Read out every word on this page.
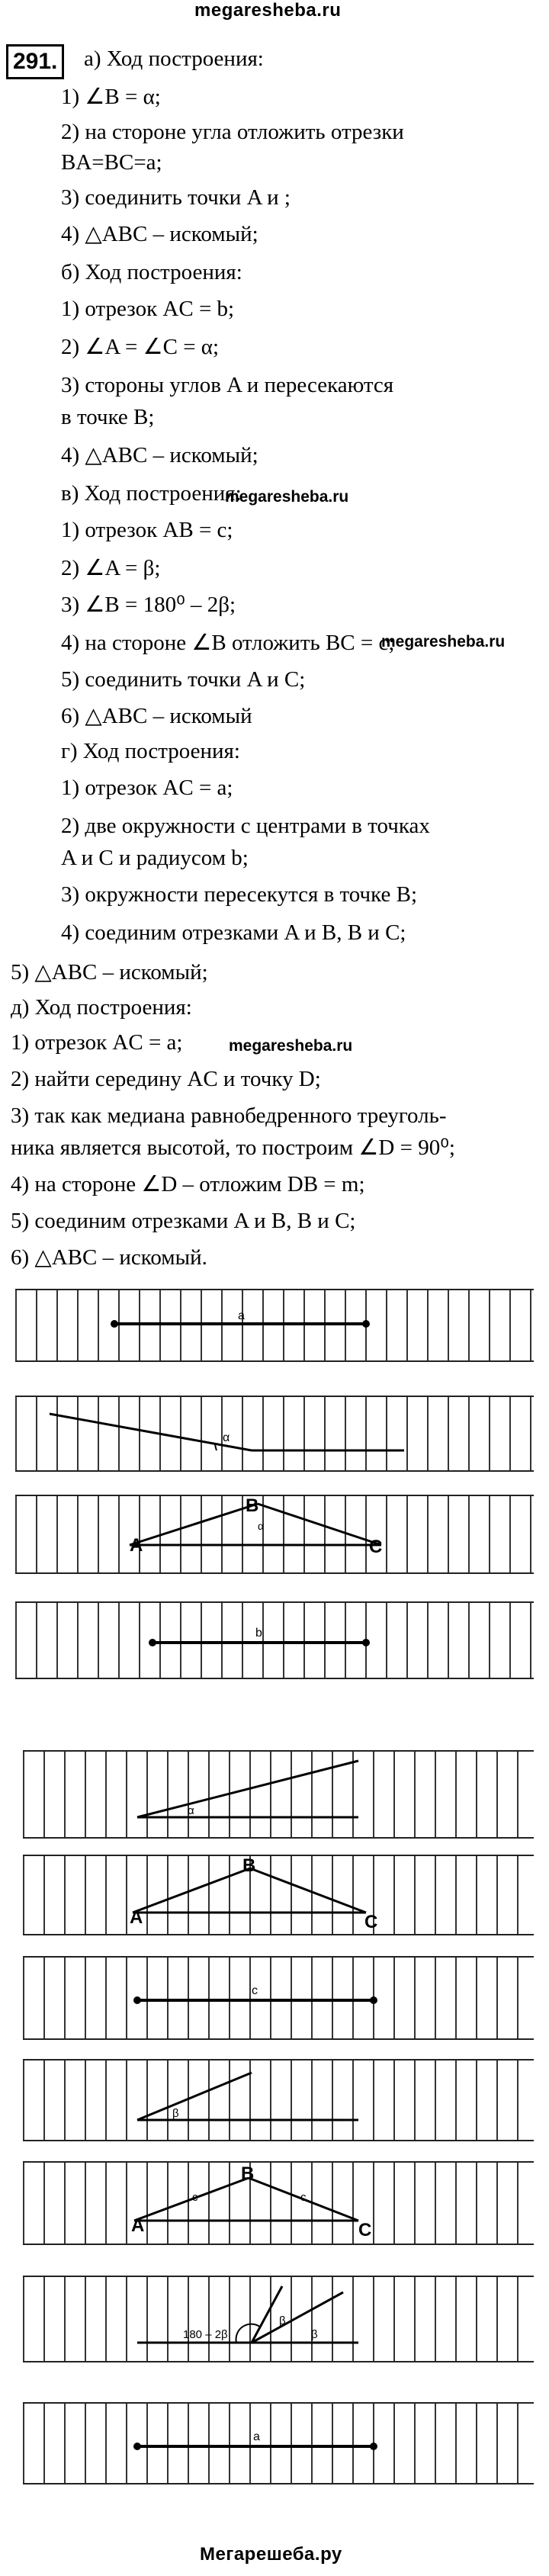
megaresheba.ru
291.	а) Ход построения:
1) ∠B = α;
2) на стороне угла отложить отрезки
BA=BC=a;
3) соединить точки A и ;
4) △ABC – искомый;
б) Ход построения:
1) отрезок AC = b;
2) ∠A = ∠C = α;
3) стороны углов A и пересекаются
в точке B;
4) △ABC – искомый;
в) Ход построения:
1) отрезок AB = c;
2) ∠A = β;
3) ∠B = 180⁰ – 2β;
4) на стороне ∠B отложить BC = c;
5) соединить точки A и C;
6) △ABC – искомый
г) Ход построения:
1) отрезок AC = a;
2) две окружности с центрами в точках
A и C и радиусом b;
3) окружности пересекутся в точке B;
4) соединим отрезками A и B, B и C;
5) △ABC – искомый;
д) Ход построения:
1) отрезок AC = a;
2) найти середину AC и точку D;
3) так как медиана равнобедренного треуголь-
ника является высотой, то построим ∠D = 90⁰;
4) на стороне ∠D – отложим DB = m;
5) соединим отрезками A и B, B и C;
6) △ABC – искомый.
megaresheba.ru
megaresheba.ru
megaresheba.ru
a
α
A
B
C
α
b
α
A
B
C
c
β
A
B
C
c	c
180 – 2β
β
β
a
Мегарешеба.ру
